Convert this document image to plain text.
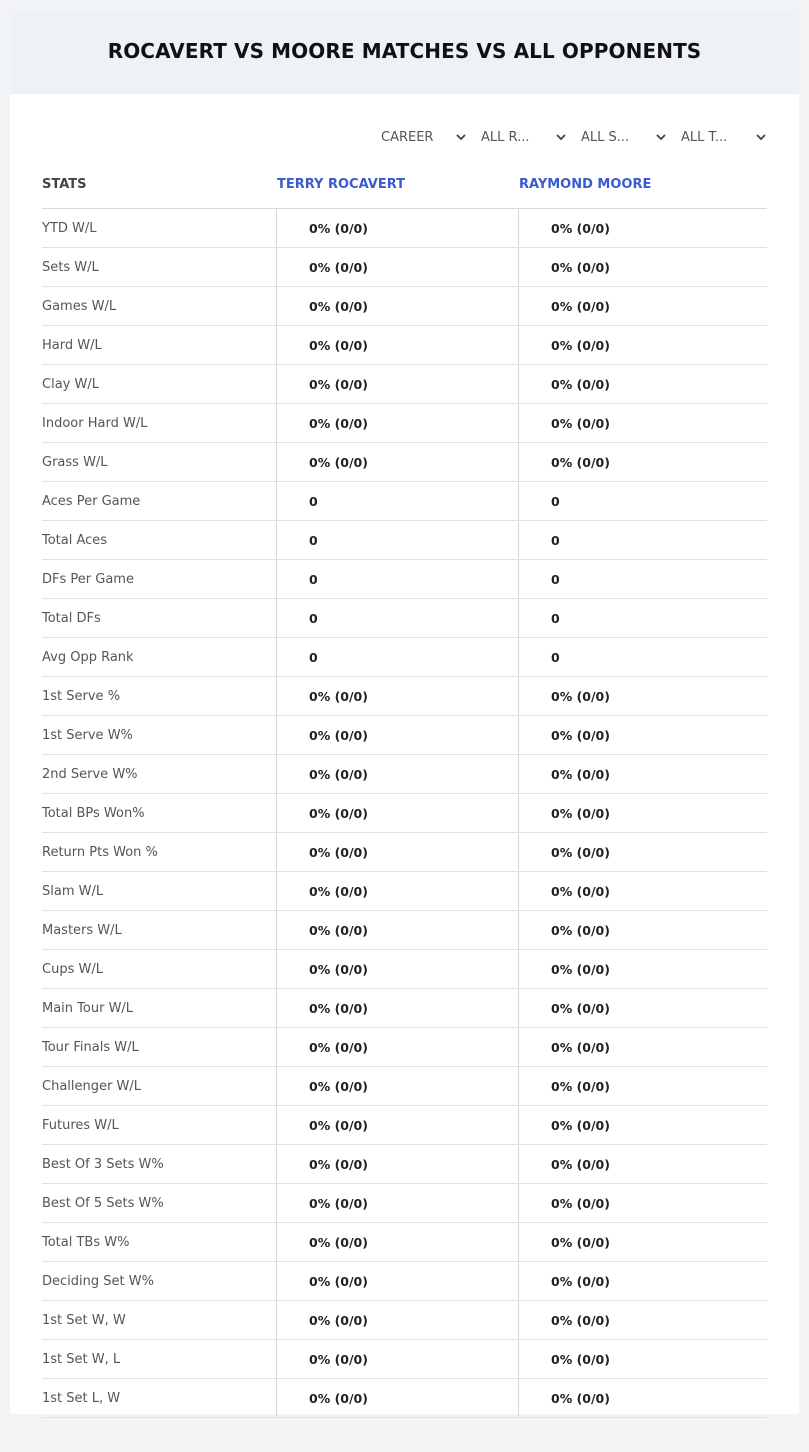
ROCAVERT VS MOORE MATCHES VS ALL OPPONENTS
CAREER	ALL R...	ALL S...	ALL T...
STATS	TERRY ROCAVERT	RAYMOND MOORE
YTD W/L	0% (0/0)	0% (0/0)
Sets W/L	0% (0/0)	0% (0/0)
Games W/L	0% (0/0)	0% (0/0)
Hard W/L	0% (0/0)	0% (0/0)
Clay W/L	0% (0/0)	0% (0/0)
Indoor Hard W/L	0% (0/0)	0% (0/0)
Grass W/L	0% (0/0)	0% (0/0)
Aces Per Game	0	0
Total Aces	0	0
DFs Per Game	0	0
Total DFs	0	0
Avg Opp Rank	0	0
1st Serve %	0% (0/0)	0% (0/0)
1st Serve W%	0% (0/0)	0% (0/0)
2nd Serve W%	0% (0/0)	0% (0/0)
Total BPs Won%	0% (0/0)	0% (0/0)
Return Pts Won %	0% (0/0)	0% (0/0)
Slam W/L	0% (0/0)	0% (0/0)
Masters W/L	0% (0/0)	0% (0/0)
Cups W/L	0% (0/0)	0% (0/0)
Main Tour W/L	0% (0/0)	0% (0/0)
Tour Finals W/L	0% (0/0)	0% (0/0)
Challenger W/L	0% (0/0)	0% (0/0)
Futures W/L	0% (0/0)	0% (0/0)
Best Of 3 Sets W%	0% (0/0)	0% (0/0)
Best Of 5 Sets W%	0% (0/0)	0% (0/0)
Total TBs W%	0% (0/0)	0% (0/0)
Deciding Set W%	0% (0/0)	0% (0/0)
1st Set W, W	0% (0/0)	0% (0/0)
1st Set W, L	0% (0/0)	0% (0/0)
1st Set L, W	0% (0/0)	0% (0/0)
